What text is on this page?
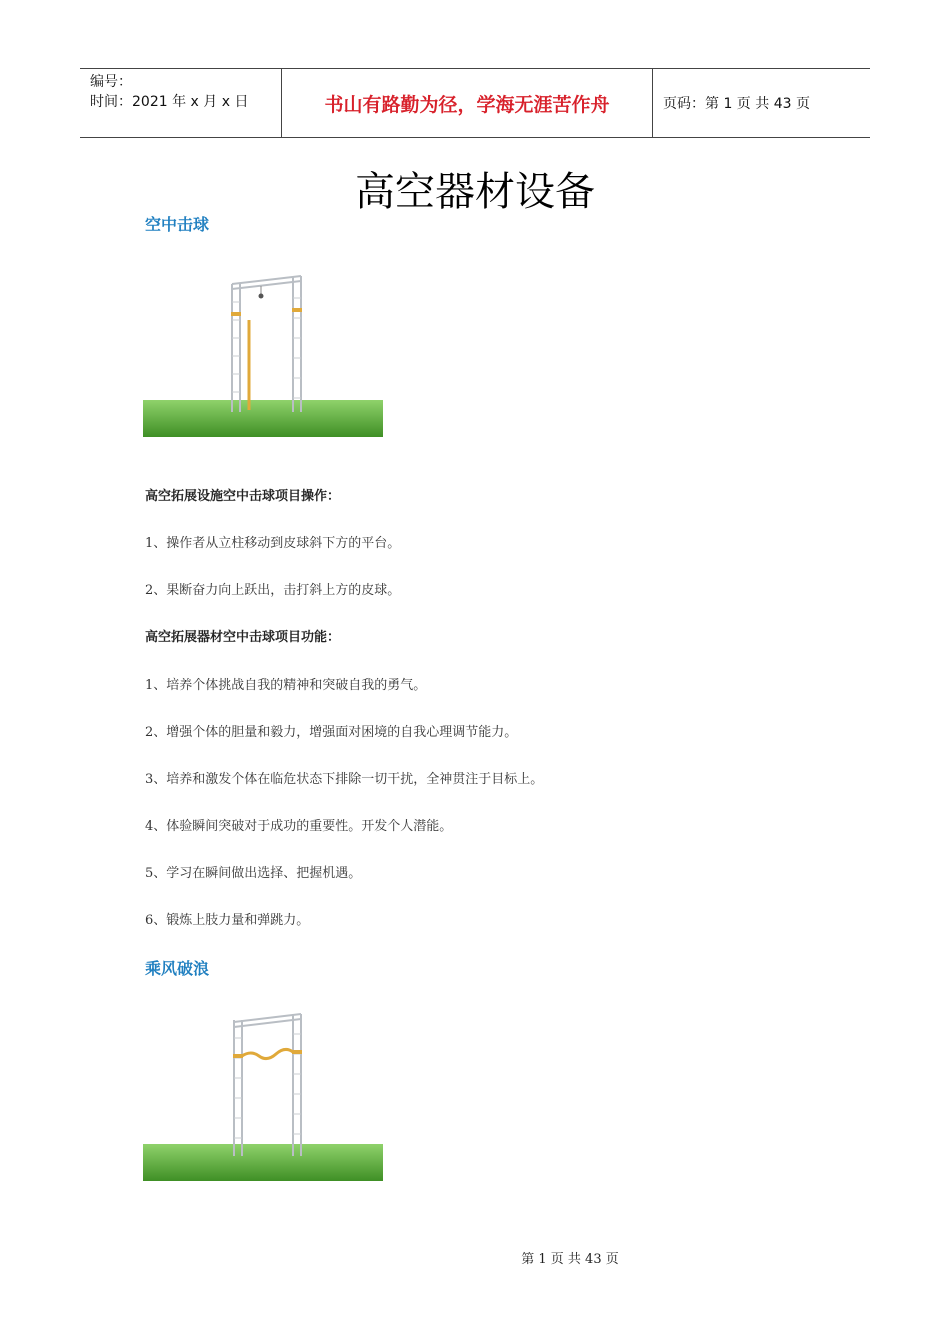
编号：
时间：2021 年 x 月 x 日	书山有路勤为径，学海无涯苦作舟	页码：第 1 页 共 43 页
高空器材设备
空中击球
高空拓展设施空中击球项目操作：
1、操作者从立柱移动到皮球斜下方的平台。
2、果断奋力向上跃出，击打斜上方的皮球。
高空拓展器材空中击球项目功能：
1、培养个体挑战自我的精神和突破自我的勇气。
2、增强个体的胆量和毅力，增强面对困境的自我心理调节能力。
3、培养和激发个体在临危状态下排除一切干扰，全神贯注于目标上。
4、体验瞬间突破对于成功的重要性。开发个人潜能。
5、学习在瞬间做出选择、把握机遇。
6、锻炼上肢力量和弹跳力。
乘风破浪
第 1 页 共 43 页
